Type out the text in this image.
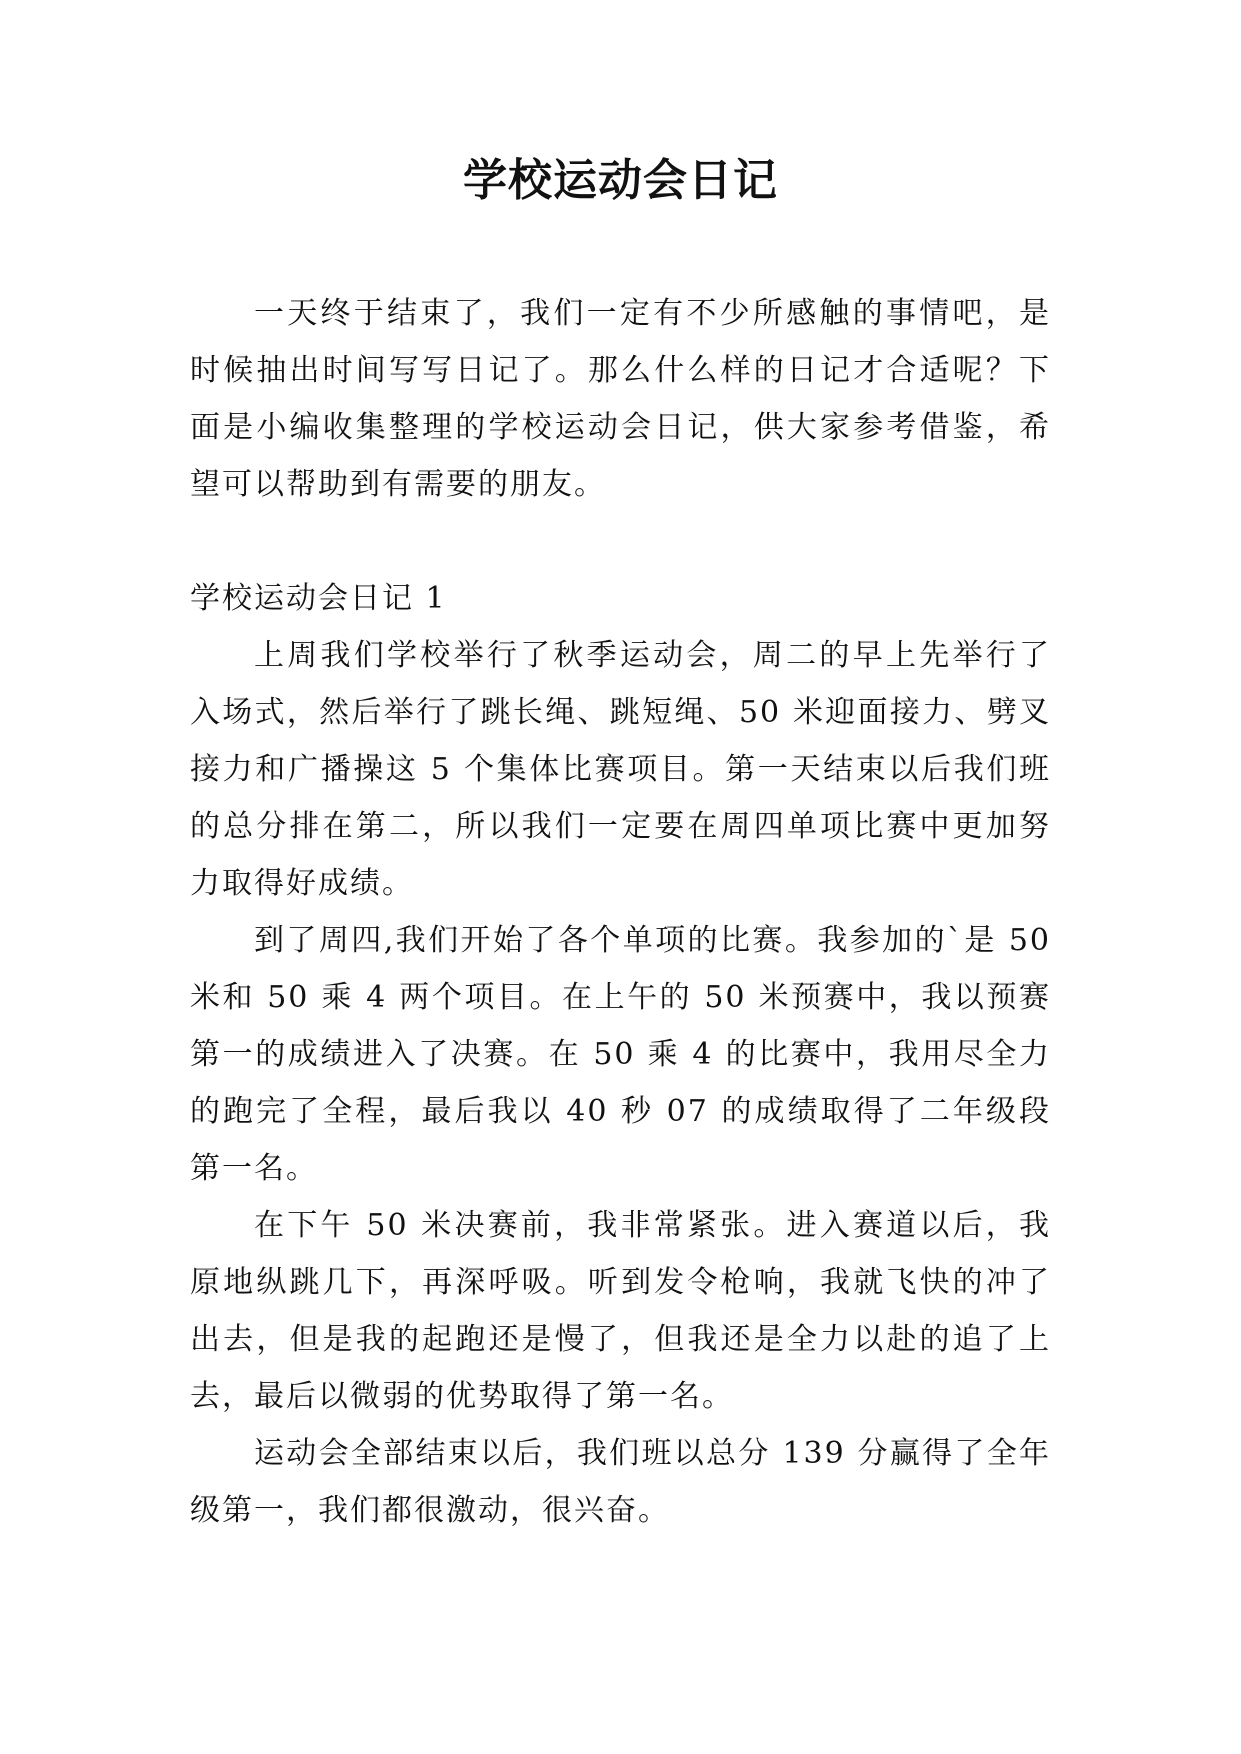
学校运动会日记

一天终于结束了，我们一定有不少所感触的事情吧，是时候抽出时间写写日记了。那么什么样的日记才合适呢？下面是小编收集整理的学校运动会日记，供大家参考借鉴，希望可以帮助到有需要的朋友。

学校运动会日记 1

上周我们学校举行了秋季运动会，周二的早上先举行了入场式，然后举行了跳长绳、跳短绳、50 米迎面接力、劈叉接力和广播操这 5 个集体比赛项目。第一天结束以后我们班的总分排在第二，所以我们一定要在周四单项比赛中更加努力取得好成绩。

到了周四,我们开始了各个单项的比赛。我参加的`是 50 米和 50 乘 4 两个项目。在上午的 50 米预赛中，我以预赛第一的成绩进入了决赛。在 50 乘 4 的比赛中，我用尽全力的跑完了全程，最后我以 40 秒 07 的成绩取得了二年级段第一名。

在下午 50 米决赛前，我非常紧张。进入赛道以后，我原地纵跳几下，再深呼吸。听到发令枪响，我就飞快的冲了出去，但是我的起跑还是慢了，但我还是全力以赴的追了上去，最后以微弱的优势取得了第一名。

运动会全部结束以后，我们班以总分 139 分赢得了全年级第一，我们都很激动，很兴奋。
